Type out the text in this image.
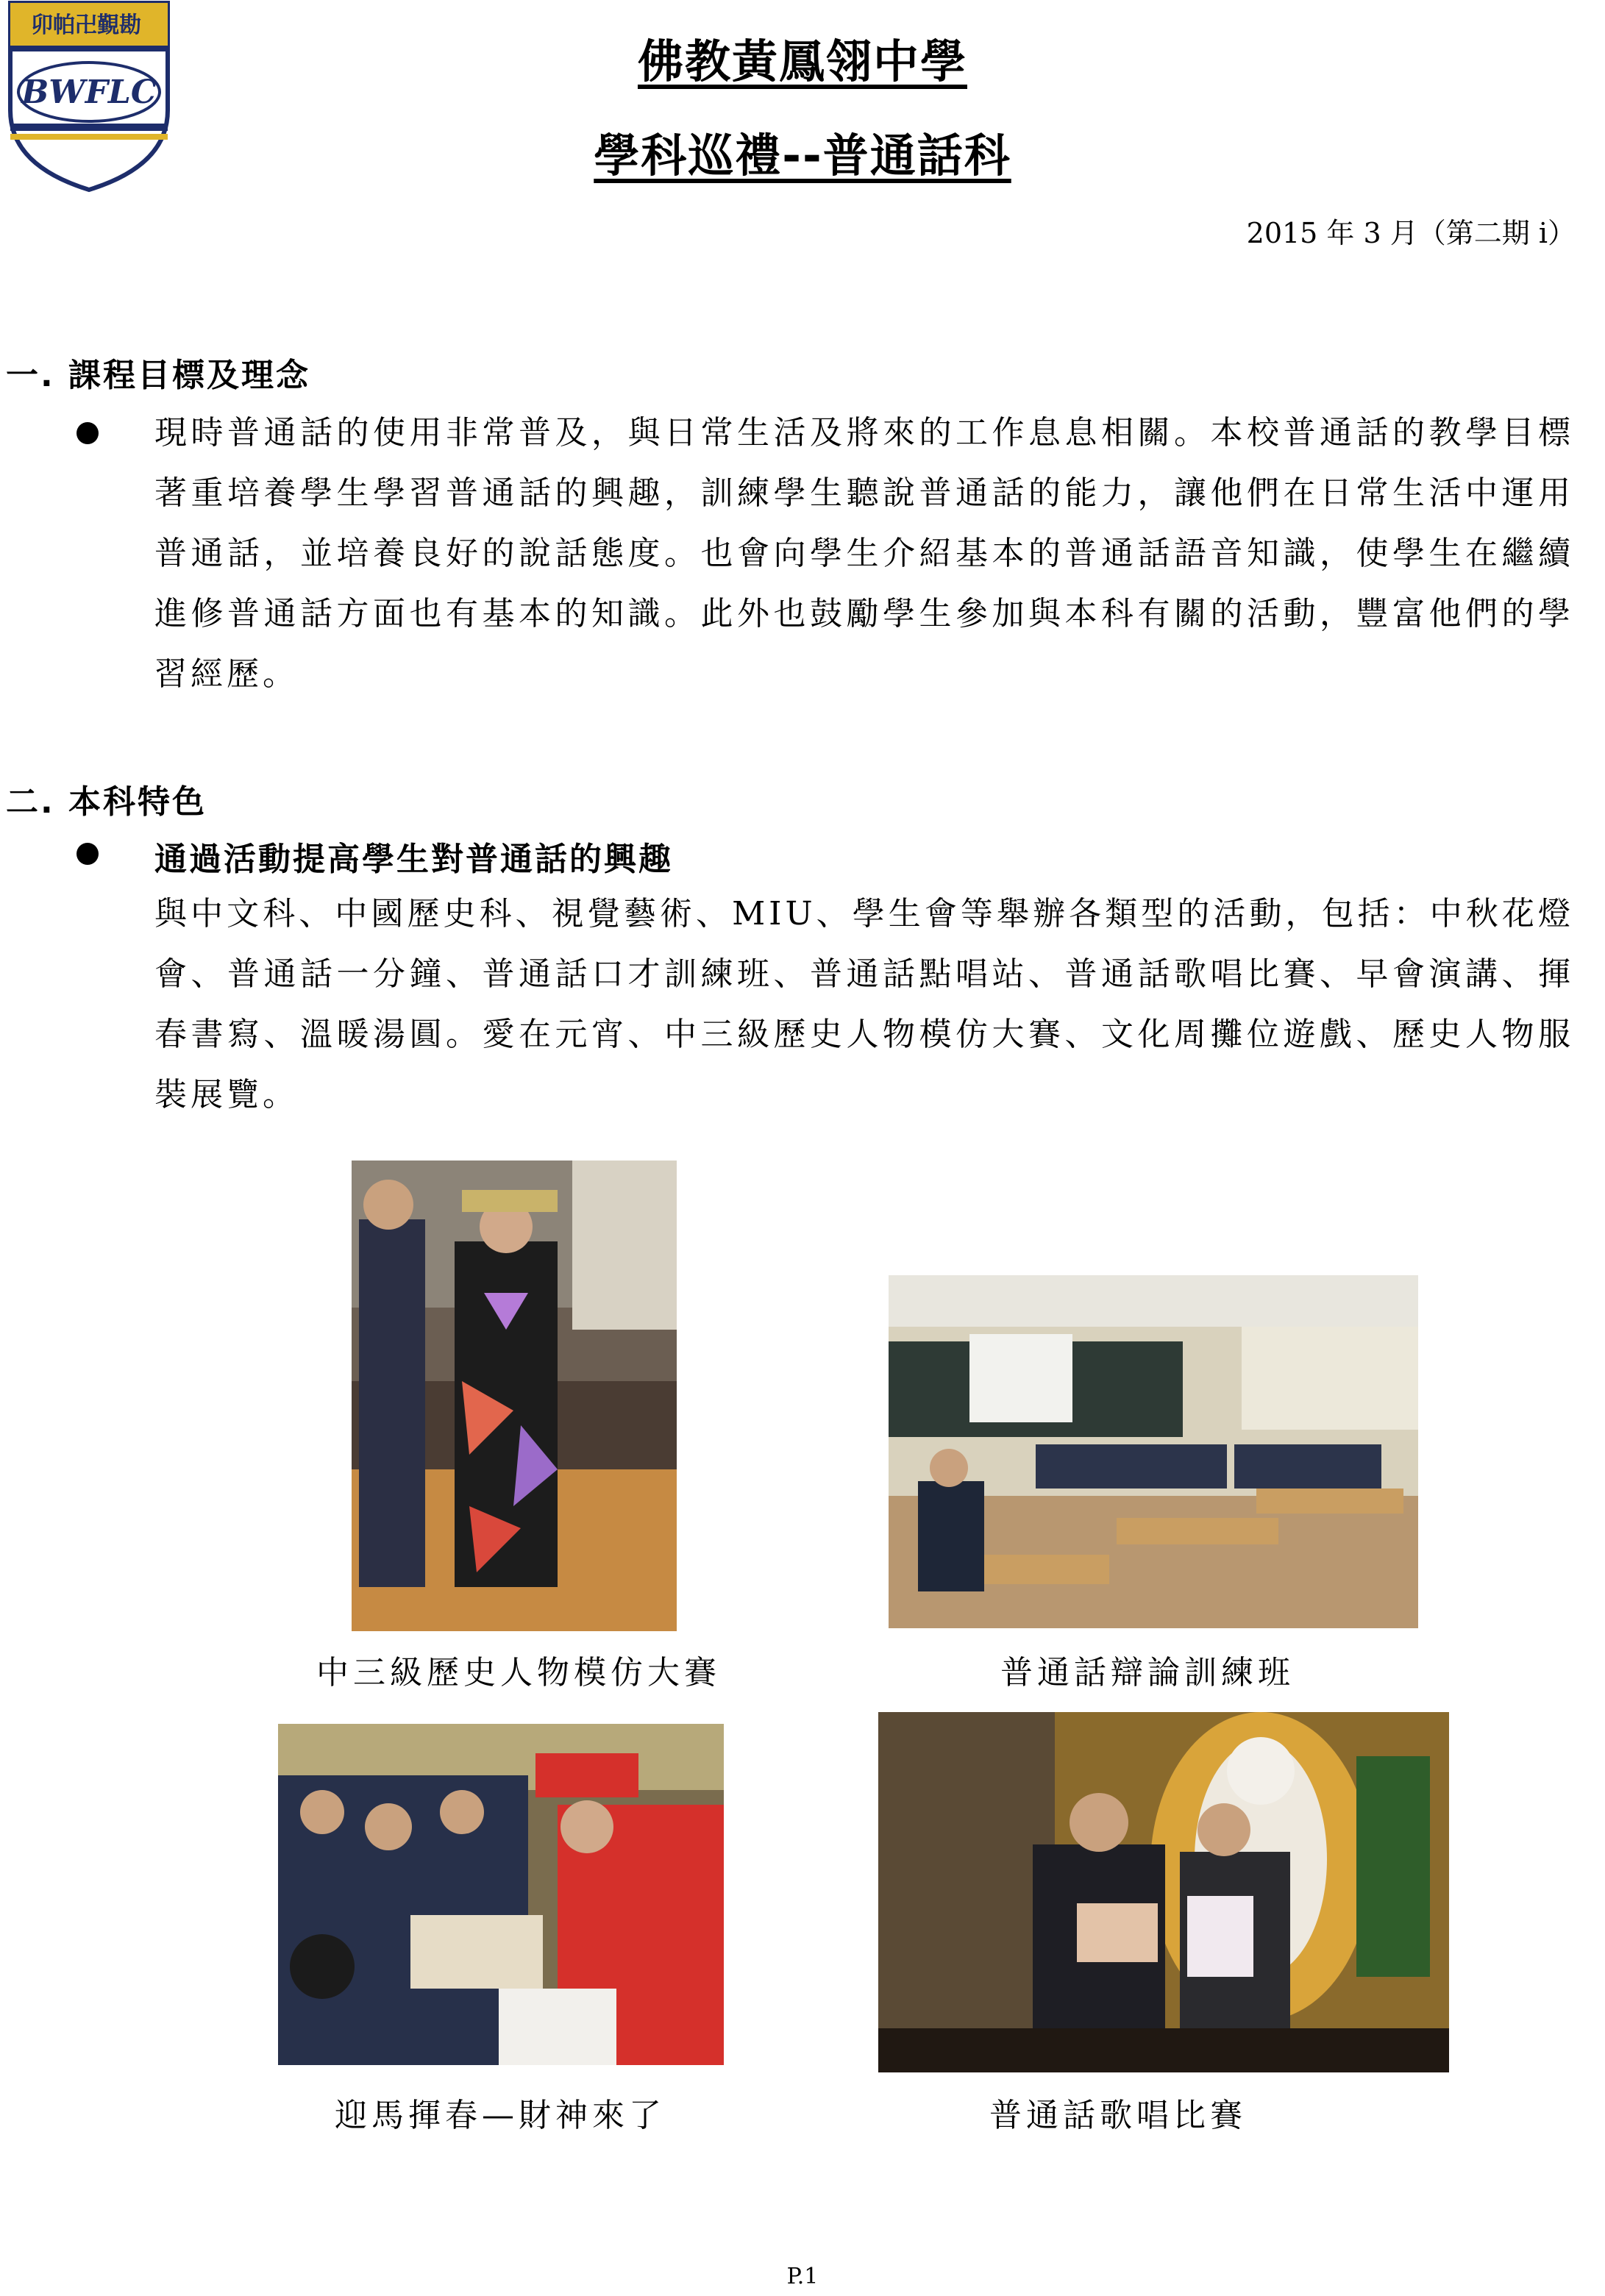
卯帕卍覲勘
BWFLC
佛教黃鳳翎中學
學科巡禮--普通話科
2015 年 3 月（第二期 i）
一. 課程目標及理念
現時普通話的使用非常普及，與日常生活及將來的工作息息相關。本校普通話的教學目標著重培養學生學習普通話的興趣，訓練學生聽說普通話的能力，讓他們在日常生活中運用普通話，並培養良好的說話態度。也會向學生介紹基本的普通話語音知識，使學生在繼續進修普通話方面也有基本的知識。此外也鼓勵學生參加與本科有關的活動，豐富他們的學習經歷。
二. 本科特色
通過活動提高學生對普通話的興趣
與中文科、中國歷史科、視覺藝術、MIU、學生會等舉辦各類型的活動，包括：中秋花燈會、普通話一分鐘、普通話口才訓練班、普通話點唱站、普通話歌唱比賽、早會演講、揮春書寫、溫暖湯圓。愛在元宵、中三級歷史人物模仿大賽、文化周攤位遊戲、歷史人物服裝展覽。
中三級歷史人物模仿大賽	普通話辯論訓練班
迎馬揮春—財神來了	普通話歌唱比賽
P.1
